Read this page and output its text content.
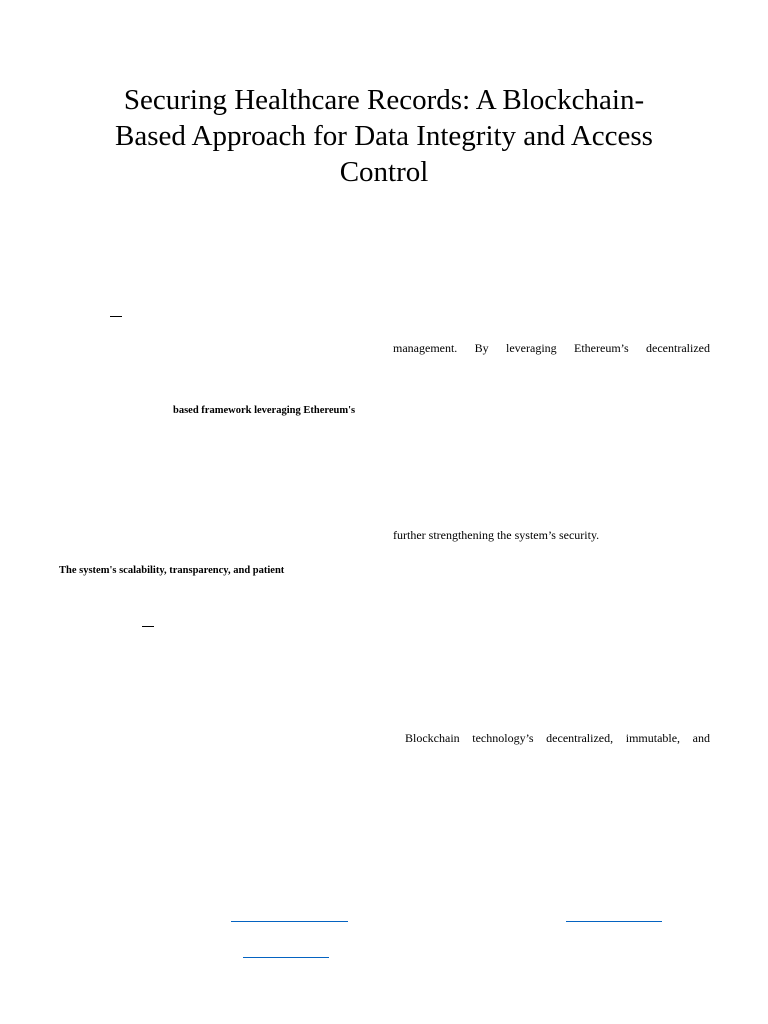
Securing Healthcare Records: A Blockchain-
Based Approach for Data Integrity and Access
Control
based framework leveraging Ethereum's
The system's scalability, transparency, and patient
management. By leveraging Ethereum’s decentralized
further strengthening the system’s security.
Blockchain technology’s decentralized, immutable, and
